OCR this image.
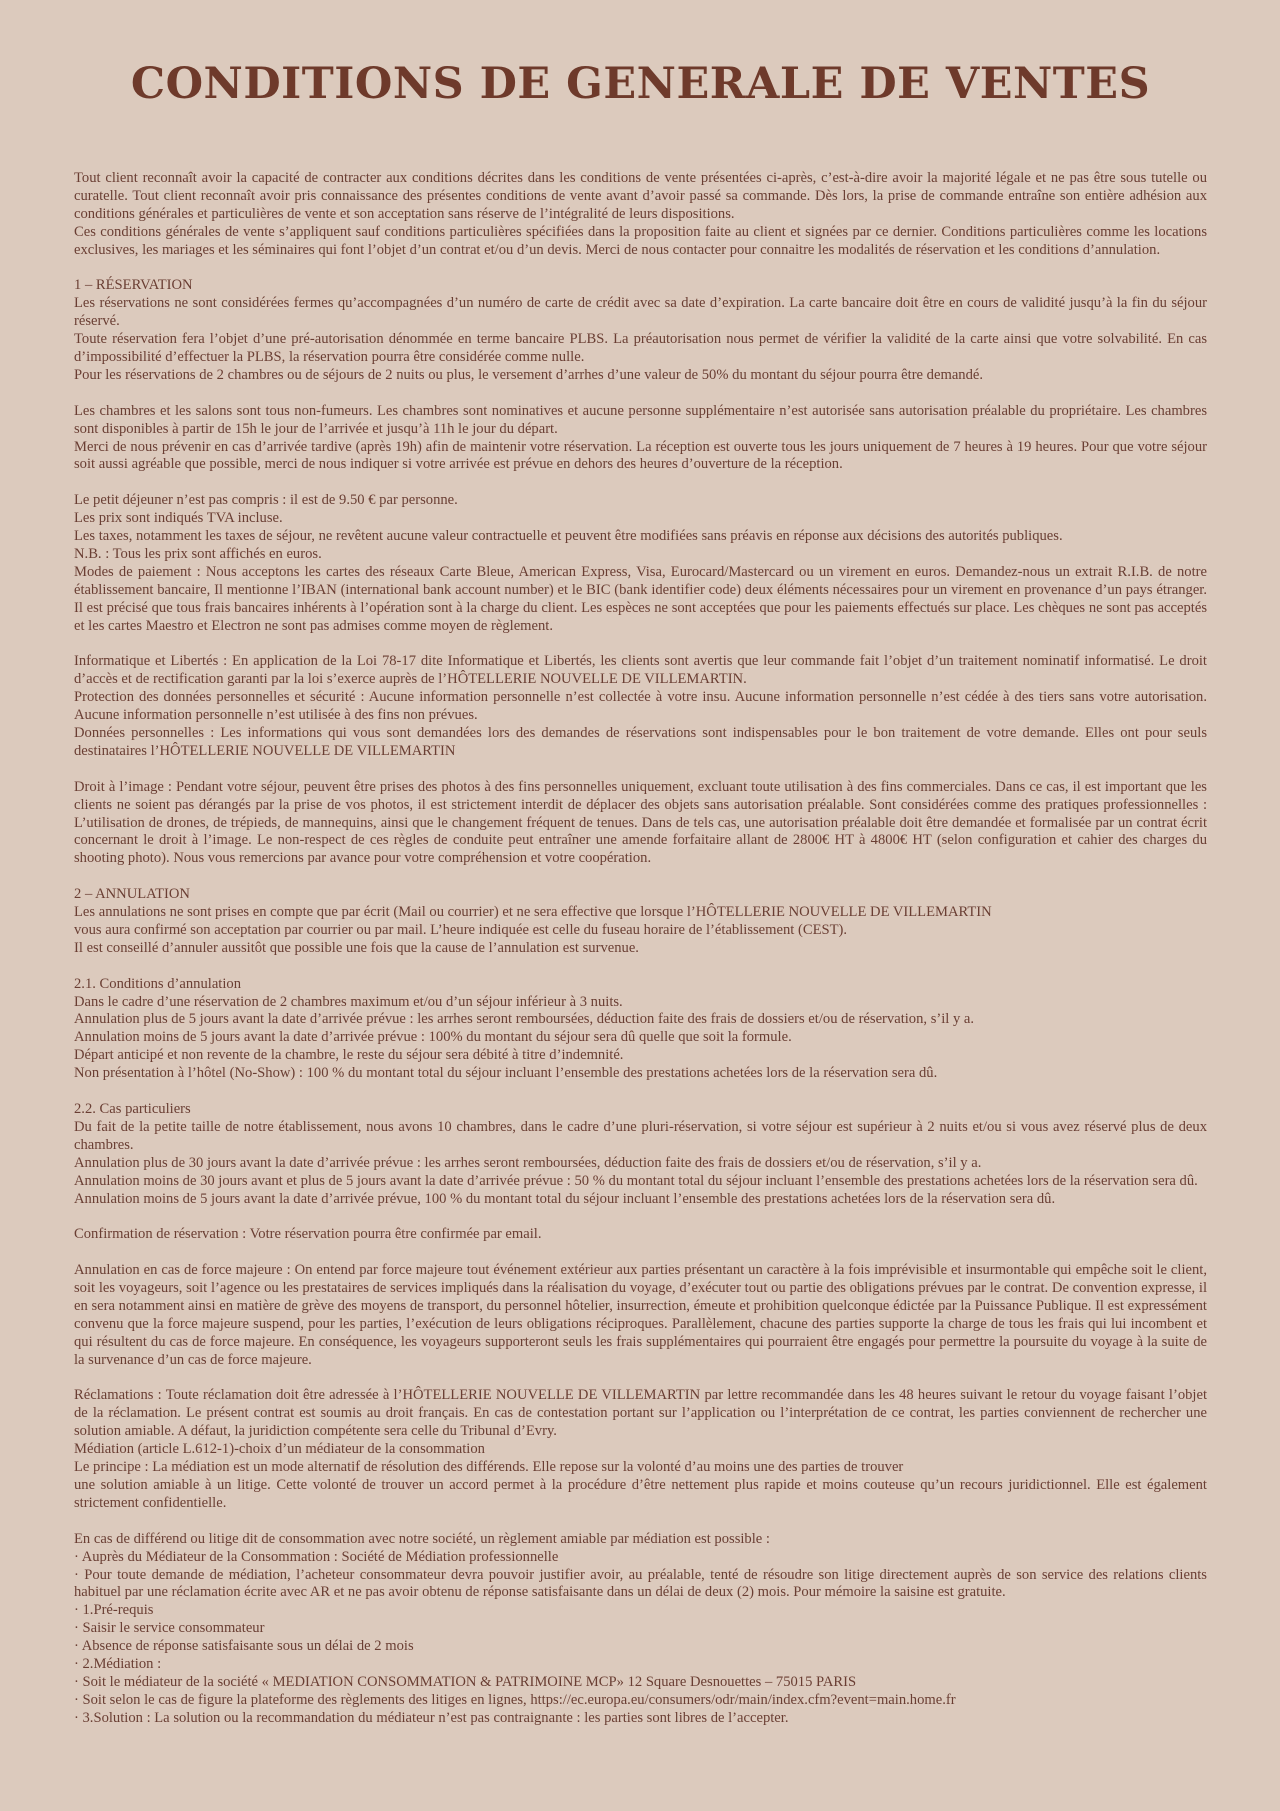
CONDITIONS DE GENERALE DE VENTES

Tout client reconnaît avoir la capacité de contracter aux conditions décrites dans les conditions de vente présentées ci-après, c’est-à-dire avoir la majorité légale et ne pas être sous tutelle ou curatelle. Tout client reconnaît avoir pris connaissance des présentes conditions de vente avant d’avoir passé sa commande. Dès lors, la prise de commande entraîne son entière adhésion aux conditions générales et particulières de vente et son acceptation sans réserve de l’intégralité de leurs dispositions.

Ces conditions générales de vente s’appliquent sauf conditions particulières spécifiées dans la proposition faite au client et signées par ce dernier. Conditions particulières comme les locations exclusives, les mariages et les séminaires qui font l’objet d’un contrat et/ou d’un devis. Merci de nous contacter pour connaitre les modalités de réservation et les conditions d’annulation.

1 – RÉSERVATION

Les réservations ne sont considérées fermes qu’accompagnées d’un numéro de carte de crédit avec sa date d’expiration. La carte bancaire doit être en cours de validité jusqu’à la fin du séjour réservé.

Toute réservation fera l’objet d’une pré-autorisation dénommée en terme bancaire PLBS. La préautorisation nous permet de vérifier la validité de la carte ainsi que votre solvabilité. En cas d’impossibilité d’effectuer la PLBS, la réservation pourra être considérée comme nulle.

Pour les réservations de 2 chambres ou de séjours de 2 nuits ou plus, le versement d’arrhes d’une valeur de 50% du montant du séjour pourra être demandé.

Les chambres et les salons sont tous non-fumeurs. Les chambres sont nominatives et aucune personne supplémentaire n’est autorisée sans autorisation préalable du propriétaire. Les chambres sont disponibles à partir de 15h le jour de l’arrivée et jusqu’à 11h le jour du départ.

Merci de nous prévenir en cas d’arrivée tardive (après 19h) afin de maintenir votre réservation. La réception est ouverte tous les jours uniquement de 7 heures à 19 heures. Pour que votre séjour soit aussi agréable que possible, merci de nous indiquer si votre arrivée est prévue en dehors des heures d’ouverture de la réception.

Le petit déjeuner n’est pas compris : il est de 9.50 € par personne.

Les prix sont indiqués TVA incluse.

Les taxes, notamment les taxes de séjour, ne revêtent aucune valeur contractuelle et peuvent être modifiées sans préavis en réponse aux décisions des autorités publiques.

N.B. : Tous les prix sont affichés en euros.

Modes de paiement : Nous acceptons les cartes des réseaux Carte Bleue, American Express, Visa, Eurocard/Mastercard ou un virement en euros. Demandez-nous un extrait R.I.B. de notre établissement bancaire, Il mentionne l’IBAN (international bank account number) et le BIC (bank identifier code) deux éléments nécessaires pour un virement en provenance d’un pays étranger. Il est précisé que tous frais bancaires inhérents à l’opération sont à la charge du client. Les espèces ne sont acceptées que pour les paiements effectués sur place. Les chèques ne sont pas acceptés et les cartes Maestro et Electron ne sont pas admises comme moyen de règlement.

Informatique et Libertés : En application de la Loi 78-17 dite Informatique et Libertés, les clients sont avertis que leur commande fait l’objet d’un traitement nominatif informatisé. Le droit d’accès et de rectification garanti par la loi s’exerce auprès de l’HÔTELLERIE NOUVELLE DE VILLEMARTIN.

Protection des données personnelles et sécurité : Aucune information personnelle n’est collectée à votre insu. Aucune information personnelle n’est cédée à des tiers sans votre autorisation. Aucune information personnelle n’est utilisée à des fins non prévues.

Données personnelles : Les informations qui vous sont demandées lors des demandes de réservations sont indispensables pour le bon traitement de votre demande. Elles ont pour seuls destinataires l’HÔTELLERIE NOUVELLE DE VILLEMARTIN

Droit à l’image : Pendant votre séjour, peuvent être prises des photos à des fins personnelles uniquement, excluant toute utilisation à des fins commerciales. Dans ce cas, il est important que les clients ne soient pas dérangés par la prise de vos photos, il est strictement interdit de déplacer des objets sans autorisation préalable. Sont considérées comme des pratiques professionnelles : L’utilisation de drones, de trépieds, de mannequins, ainsi que le changement fréquent de tenues. Dans de tels cas, une autorisation préalable doit être demandée et formalisée par un contrat écrit concernant le droit à l’image. Le non-respect de ces règles de conduite peut entraîner une amende forfaitaire allant de 2800€ HT à 4800€ HT (selon configuration et cahier des charges du shooting photo). Nous vous remercions par avance pour votre compréhension et votre coopération.

2 – ANNULATION

Les annulations ne sont prises en compte que par écrit (Mail ou courrier) et ne sera effective que lorsque l’HÔTELLERIE NOUVELLE DE VILLEMARTIN

vous aura confirmé son acceptation par courrier ou par mail. L’heure indiquée est celle du fuseau horaire de l’établissement (CEST).

Il est conseillé d’annuler aussitôt que possible une fois que la cause de l’annulation est survenue.

2.1. Conditions d’annulation

Dans le cadre d’une réservation de 2 chambres maximum et/ou d’un séjour inférieur à 3 nuits.

Annulation plus de 5 jours avant la date d’arrivée prévue : les arrhes seront remboursées, déduction faite des frais de dossiers et/ou de réservation, s’il y a.

Annulation moins de 5 jours avant la date d’arrivée prévue : 100% du montant du séjour sera dû quelle que soit la formule.

Départ anticipé et non revente de la chambre, le reste du séjour sera débité à titre d’indemnité.

Non présentation à l’hôtel (No-Show) : 100 % du montant total du séjour incluant l’ensemble des prestations achetées lors de la réservation sera dû.

2.2. Cas particuliers

Du fait de la petite taille de notre établissement, nous avons 10 chambres, dans le cadre d’une pluri-réservation, si votre séjour est supérieur à 2 nuits et/ou si vous avez réservé plus de deux chambres.

Annulation plus de 30 jours avant la date d’arrivée prévue : les arrhes seront remboursées, déduction faite des frais de dossiers et/ou de réservation, s’il y a.

Annulation moins de 30 jours avant et plus de 5 jours avant la date d’arrivée prévue : 50 % du montant total du séjour incluant l’ensemble des prestations achetées lors de la réservation sera dû.

Annulation moins de 5 jours avant la date d’arrivée prévue, 100 % du montant total du séjour incluant l’ensemble des prestations achetées lors de la réservation sera dû.

Confirmation de réservation : Votre réservation pourra être confirmée par email.

Annulation en cas de force majeure : On entend par force majeure tout événement extérieur aux parties présentant un caractère à la fois imprévisible et insurmontable qui empêche soit le client, soit les voyageurs, soit l’agence ou les prestataires de services impliqués dans la réalisation du voyage, d’exécuter tout ou partie des obligations prévues par le contrat. De convention expresse, il en sera notamment ainsi en matière de grève des moyens de transport, du personnel hôtelier, insurrection, émeute et prohibition quelconque édictée par la Puissance Publique. Il est expressément convenu que la force majeure suspend, pour les parties, l’exécution de leurs obligations réciproques. Parallèlement, chacune des parties supporte la charge de tous les frais qui lui incombent et qui résultent du cas de force majeure. En conséquence, les voyageurs supporteront seuls les frais supplémentaires qui pourraient être engagés pour permettre la poursuite du voyage à la suite de la survenance d’un cas de force majeure.

Réclamations : Toute réclamation doit être adressée à l’HÔTELLERIE NOUVELLE DE VILLEMARTIN par lettre recommandée dans les 48 heures suivant le retour du voyage faisant l’objet de la réclamation. Le présent contrat est soumis au droit français. En cas de contestation portant sur l’application ou l’interprétation de ce contrat, les parties conviennent de rechercher une solution amiable. A défaut, la juridiction compétente sera celle du Tribunal d’Evry.

Médiation (article L.612-1)-choix d’un médiateur de la consommation

Le principe : La médiation est un mode alternatif de résolution des différends. Elle repose sur la volonté d’au moins une des parties de trouver

une solution amiable à un litige. Cette volonté de trouver un accord permet à la procédure d’être nettement plus rapide et moins couteuse qu’un recours juridictionnel. Elle est également strictement confidentielle.

En cas de différend ou litige dit de consommation avec notre société, un règlement amiable par médiation est possible :

· Auprès du Médiateur de la Consommation : Société de Médiation professionnelle

· Pour toute demande de médiation, l’acheteur consommateur devra pouvoir justifier avoir, au préalable, tenté de résoudre son litige directement auprès de son service des relations clients habituel par une réclamation écrite avec AR et ne pas avoir obtenu de réponse satisfaisante dans un délai de deux (2) mois. Pour mémoire la saisine est gratuite.

· 1.Pré-requis

· Saisir le service consommateur

· Absence de réponse satisfaisante sous un délai de 2 mois

· 2.Médiation :

· Soit le médiateur de la société « MEDIATION CONSOMMATION & PATRIMOINE MCP» 12 Square Desnouettes – 75015 PARIS

· Soit selon le cas de figure la plateforme des règlements des litiges en lignes, https://ec.europa.eu/consumers/odr/main/index.cfm?event=main.home.fr

· 3.Solution : La solution ou la recommandation du médiateur n’est pas contraignante : les parties sont libres de l’accepter.
